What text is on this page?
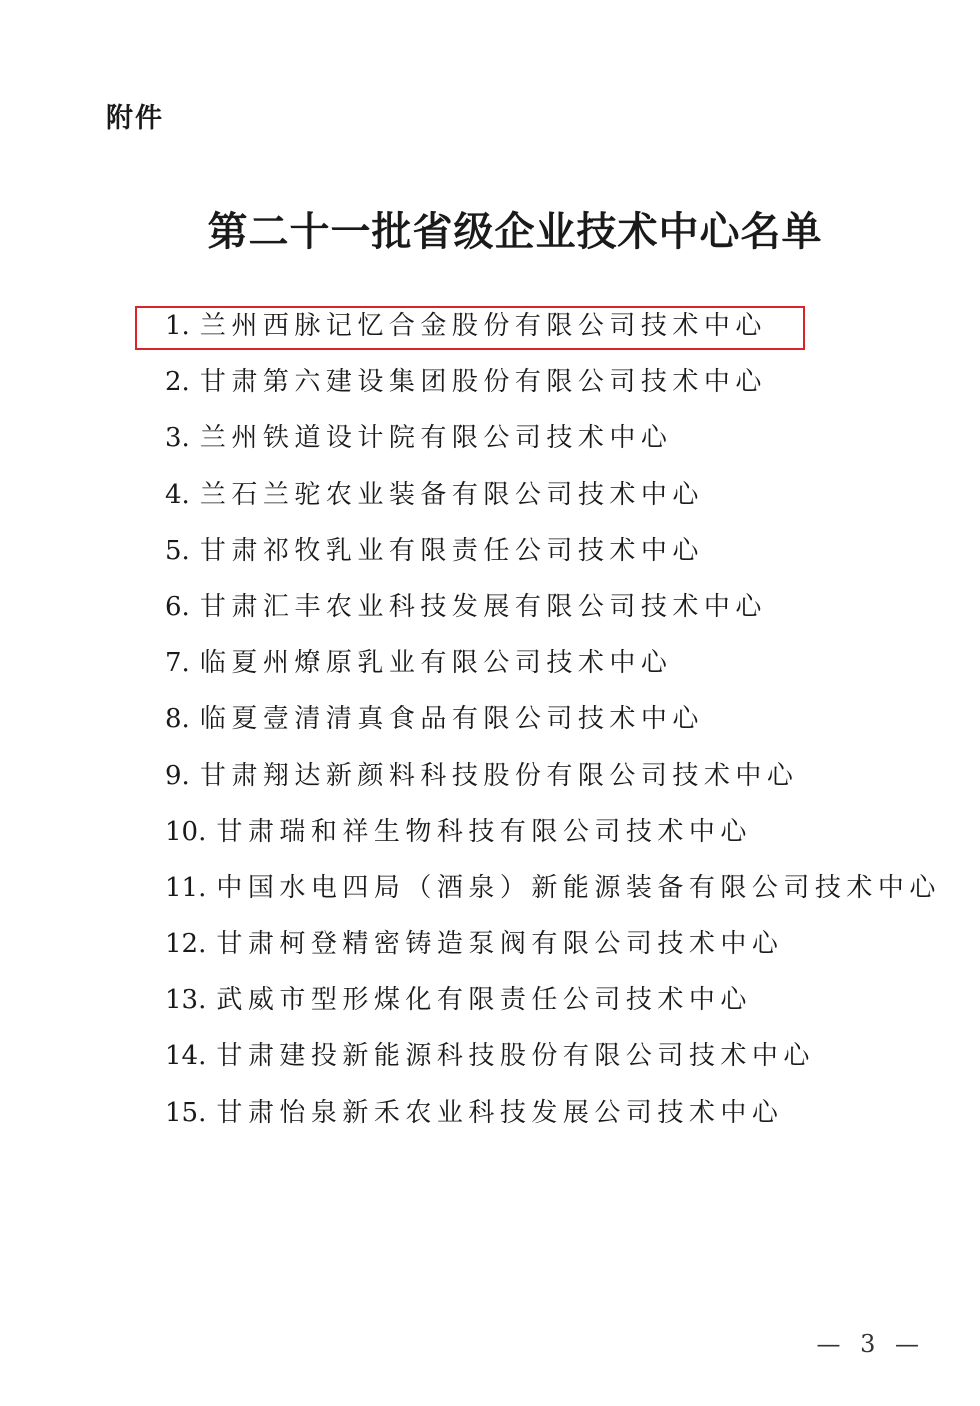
附件
第二十一批省级企业技术中心名单
1. 兰州西脉记忆合金股份有限公司技术中心
2. 甘肃第六建设集团股份有限公司技术中心
3. 兰州铁道设计院有限公司技术中心
4. 兰石兰驼农业装备有限公司技术中心
5. 甘肃祁牧乳业有限责任公司技术中心
6. 甘肃汇丰农业科技发展有限公司技术中心
7. 临夏州燎原乳业有限公司技术中心
8. 临夏壹清清真食品有限公司技术中心
9. 甘肃翔达新颜料科技股份有限公司技术中心
10. 甘肃瑞和祥生物科技有限公司技术中心
11. 中国水电四局（酒泉）新能源装备有限公司技术中心
12. 甘肃柯登精密铸造泵阀有限公司技术中心
13. 武威市型形煤化有限责任公司技术中心
14. 甘肃建投新能源科技股份有限公司技术中心
15. 甘肃怡泉新禾农业科技发展公司技术中心
— 3 —
